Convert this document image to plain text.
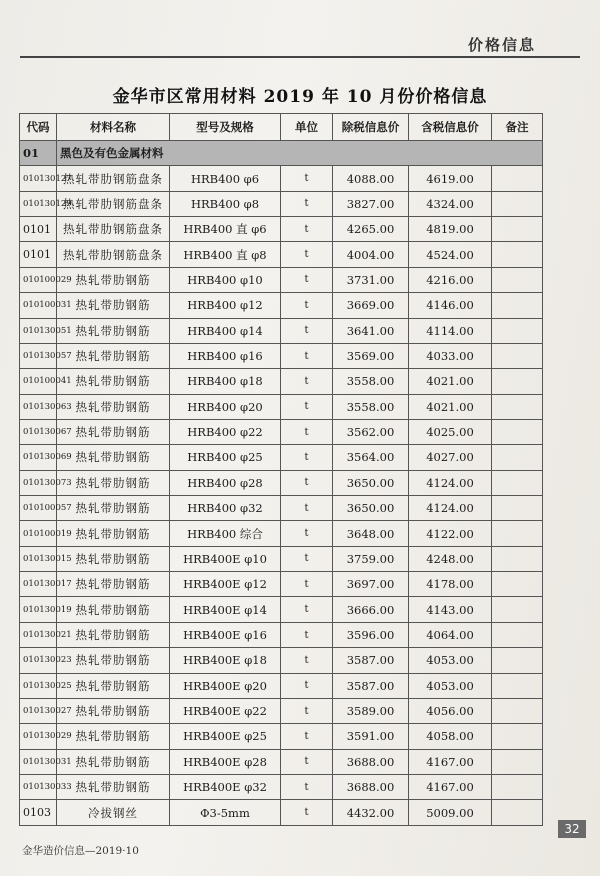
价格信息
金华市区常用材料 2019 年 10 月份价格信息
代码	材料名称	型号及规格	单位	除税信息价	含税信息价	备注
01	黑色及有色金属材料					
010130127	热轧带肋钢筋盘条	HRB400 φ6	t	4088.00	4619.00	
010130129	热轧带肋钢筋盘条	HRB400 φ8	t	3827.00	4324.00	
0101	热轧带肋钢筋盘条	HRB400 直 φ6	t	4265.00	4819.00	
0101	热轧带肋钢筋盘条	HRB400 直 φ8	t	4004.00	4524.00	
010100029	热轧带肋钢筋	HRB400 φ10	t	3731.00	4216.00	
010100031	热轧带肋钢筋	HRB400 φ12	t	3669.00	4146.00	
010130051	热轧带肋钢筋	HRB400 φ14	t	3641.00	4114.00	
010130057	热轧带肋钢筋	HRB400 φ16	t	3569.00	4033.00	
010100041	热轧带肋钢筋	HRB400 φ18	t	3558.00	4021.00	
010130063	热轧带肋钢筋	HRB400 φ20	t	3558.00	4021.00	
010130067	热轧带肋钢筋	HRB400 φ22	t	3562.00	4025.00	
010130069	热轧带肋钢筋	HRB400 φ25	t	3564.00	4027.00	
010130073	热轧带肋钢筋	HRB400 φ28	t	3650.00	4124.00	
010100057	热轧带肋钢筋	HRB400 φ32	t	3650.00	4124.00	
010100019	热轧带肋钢筋	HRB400 综合	t	3648.00	4122.00	
010130015	热轧带肋钢筋	HRB400E φ10	t	3759.00	4248.00	
010130017	热轧带肋钢筋	HRB400E φ12	t	3697.00	4178.00	
010130019	热轧带肋钢筋	HRB400E φ14	t	3666.00	4143.00	
010130021	热轧带肋钢筋	HRB400E φ16	t	3596.00	4064.00	
010130023	热轧带肋钢筋	HRB400E φ18	t	3587.00	4053.00	
010130025	热轧带肋钢筋	HRB400E φ20	t	3587.00	4053.00	
010130027	热轧带肋钢筋	HRB400E φ22	t	3589.00	4056.00	
010130029	热轧带肋钢筋	HRB400E φ25	t	3591.00	4058.00	
010130031	热轧带肋钢筋	HRB400E φ28	t	3688.00	4167.00	
010130033	热轧带肋钢筋	HRB400E φ32	t	3688.00	4167.00	
0103	冷拔钢丝	Φ3-5mm	t	4432.00	5009.00	
32
金华造价信息—2019·10
